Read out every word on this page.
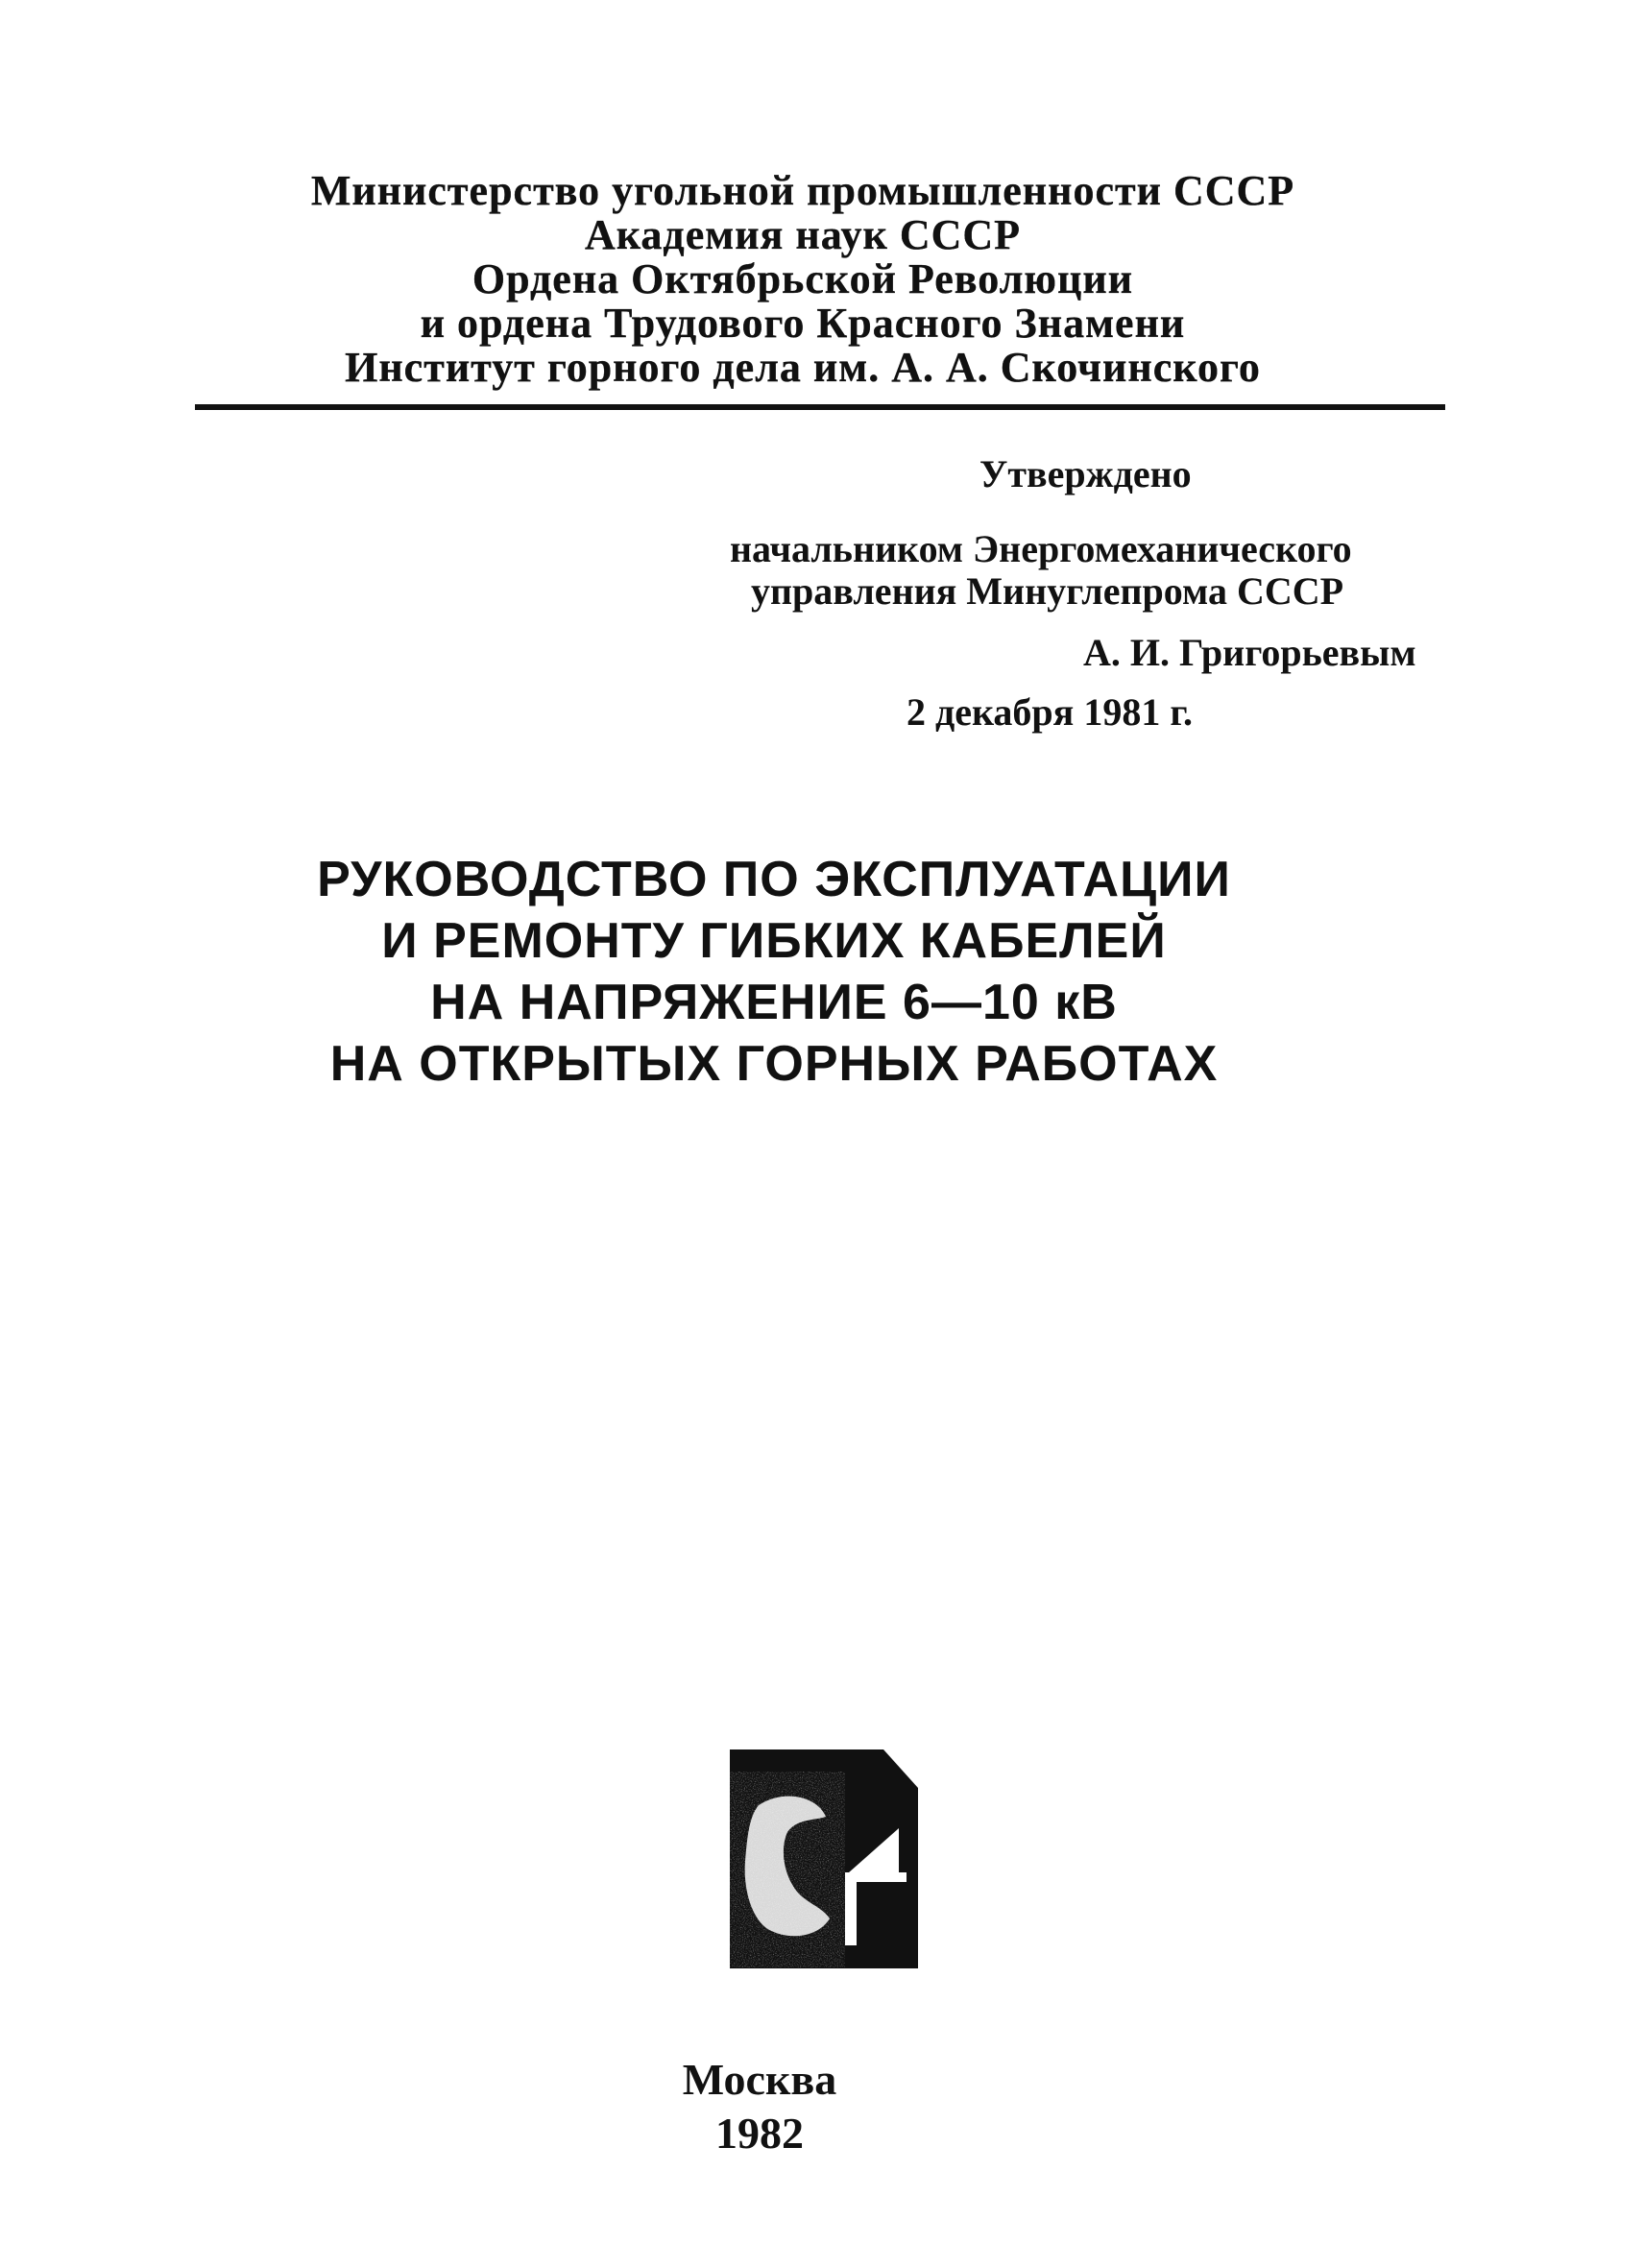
Министерство угольной промышленности СССР
Академия наук СССР
Ордена Октябрьской Революции
и ордена Трудового Красного Знамени
Институт горного дела им. А. А. Скочинского
Утверждено
начальником Энергомеханического
управления Минуглепрома СССР
А. И. Григорьевым
2 декабря 1981 г.
РУКОВОДСТВО ПО ЭКСПЛУАТАЦИИ
И РЕМОНТУ ГИБКИХ КАБЕЛЕЙ
НА НАПРЯЖЕНИЕ 6—10 кВ
НА ОТКРЫТЫХ ГОРНЫХ РАБОТАХ
Москва
1982
